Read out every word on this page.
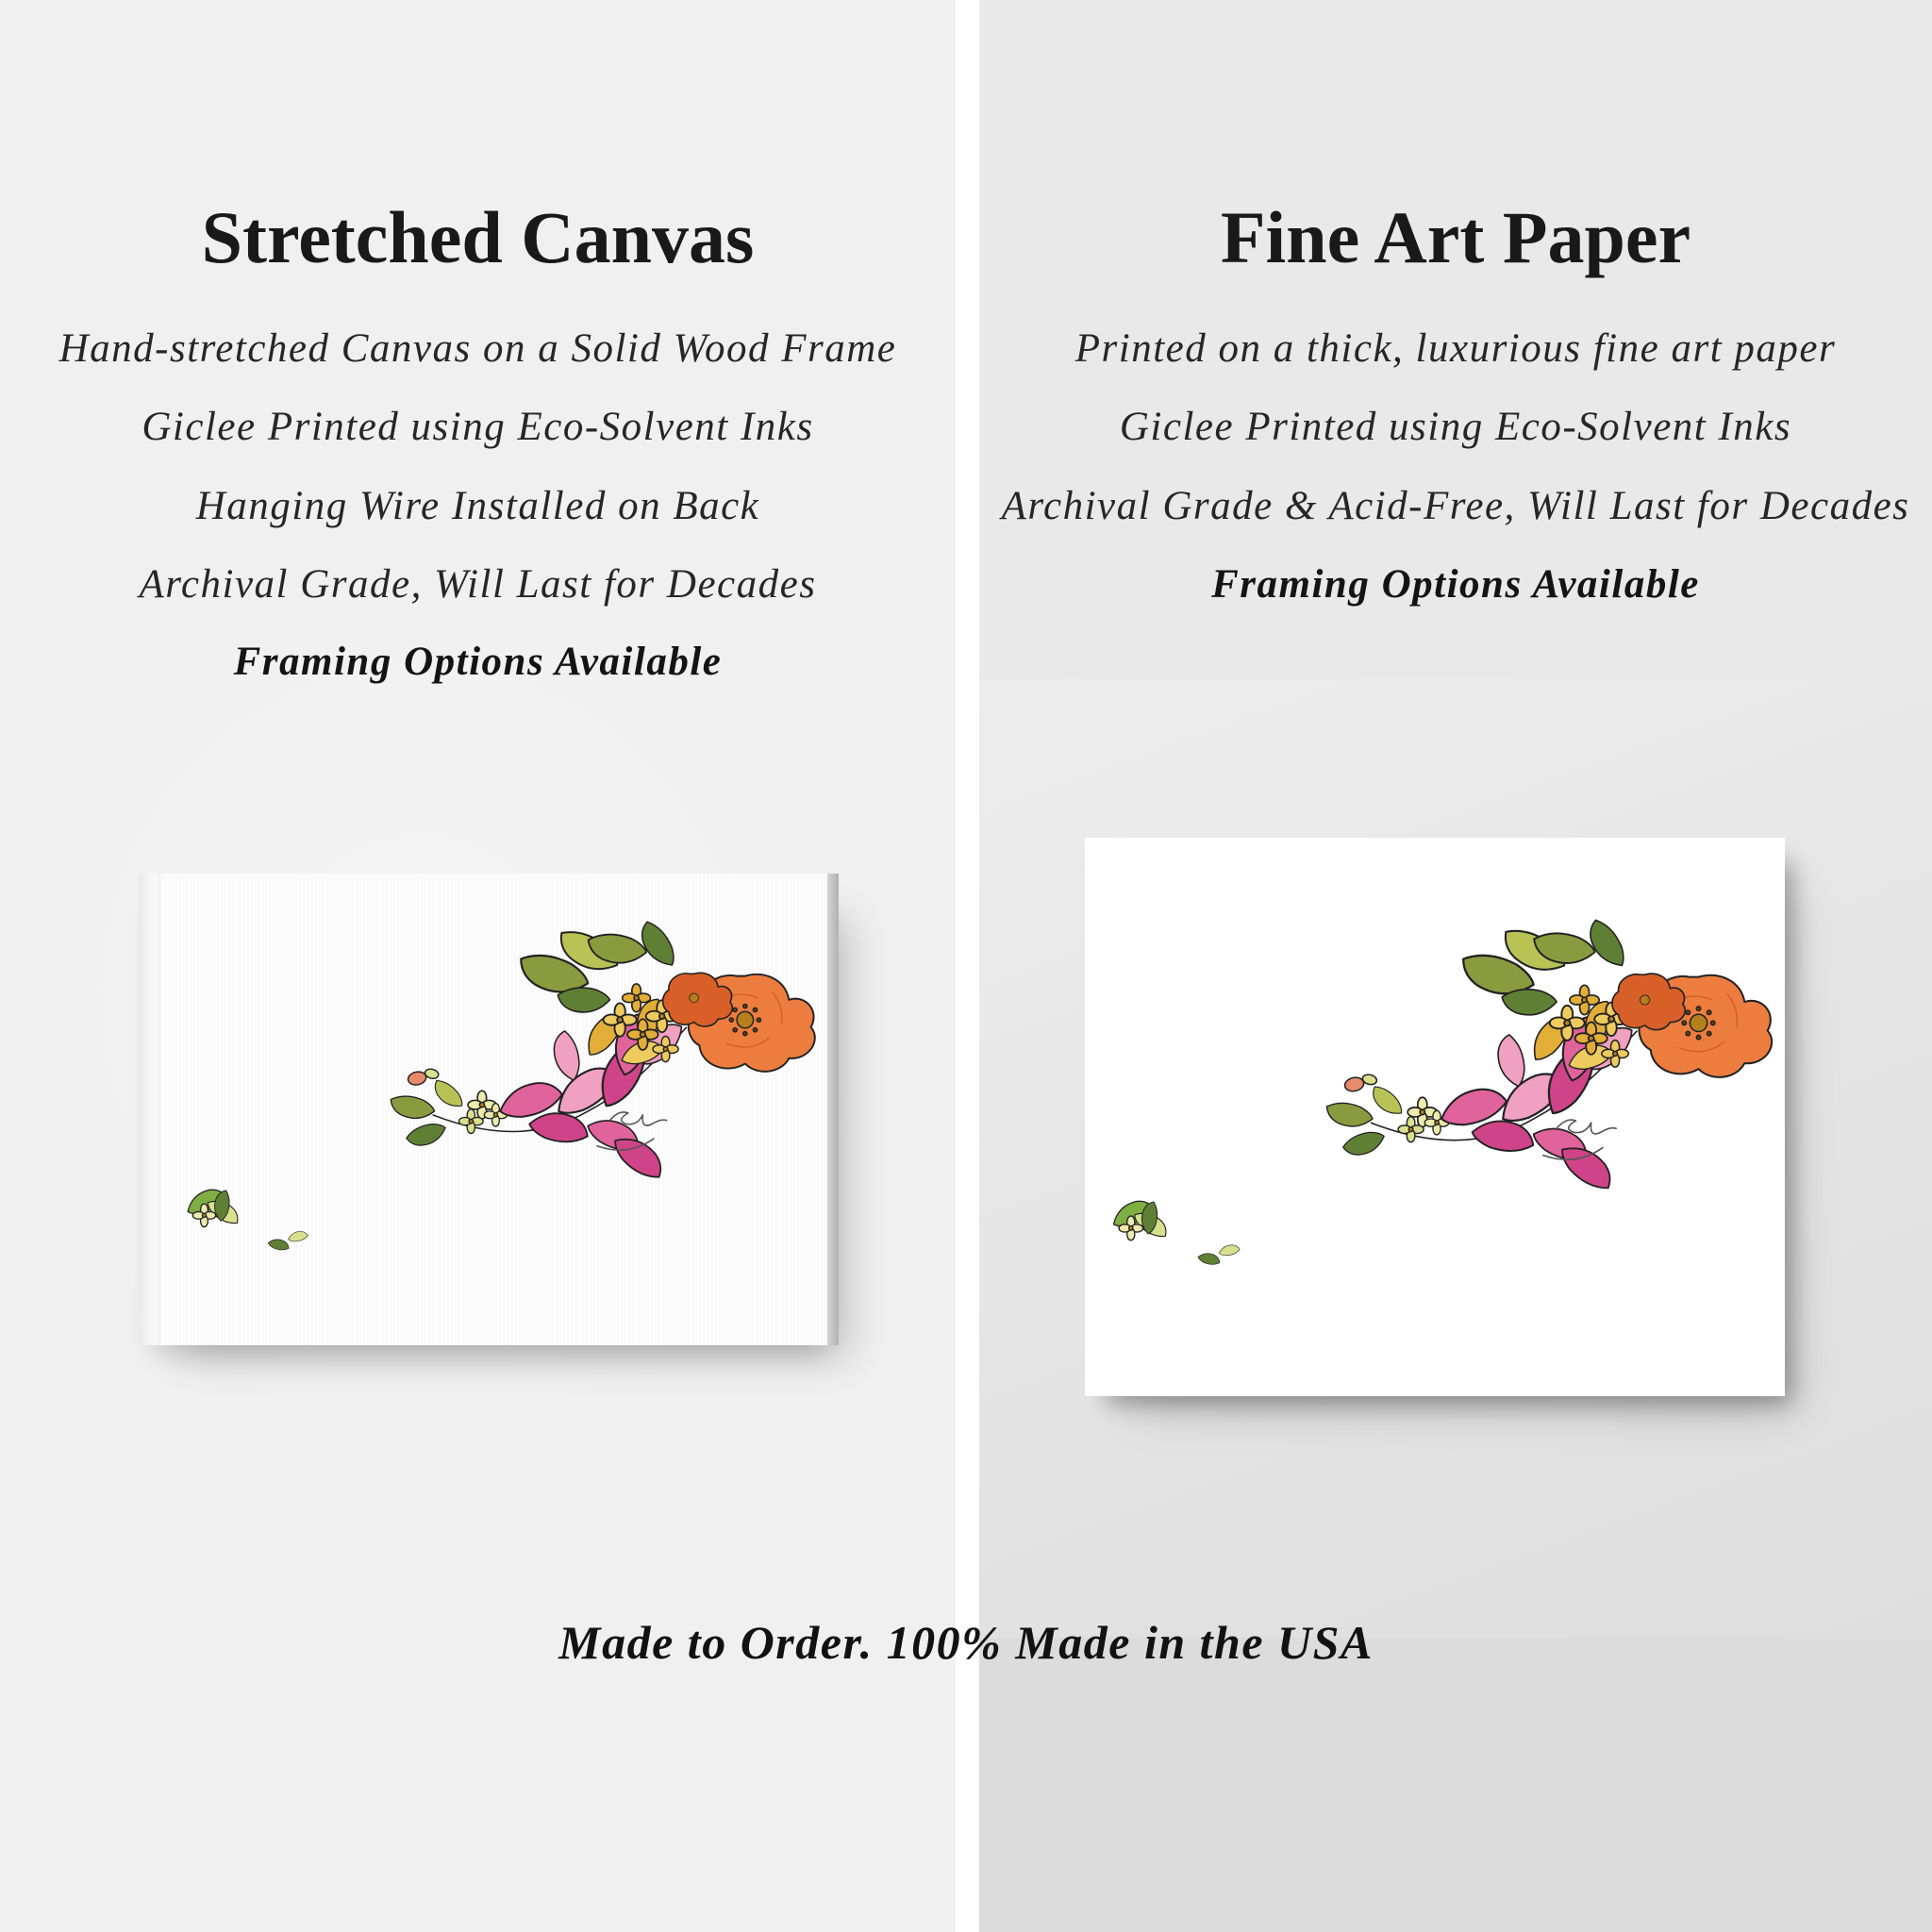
Stretched Canvas
Hand-stretched Canvas on a Solid Wood Frame
Giclee Printed using Eco-Solvent Inks
Hanging Wire Installed on Back
Archival Grade, Will Last for Decades
Framing Options Available
Fine Art Paper
Printed on a thick, luxurious fine art paper
Giclee Printed using Eco-Solvent Inks
Archival Grade & Acid-Free, Will Last for Decades
Framing Options Available
Made to Order. 100% Made in the USA
